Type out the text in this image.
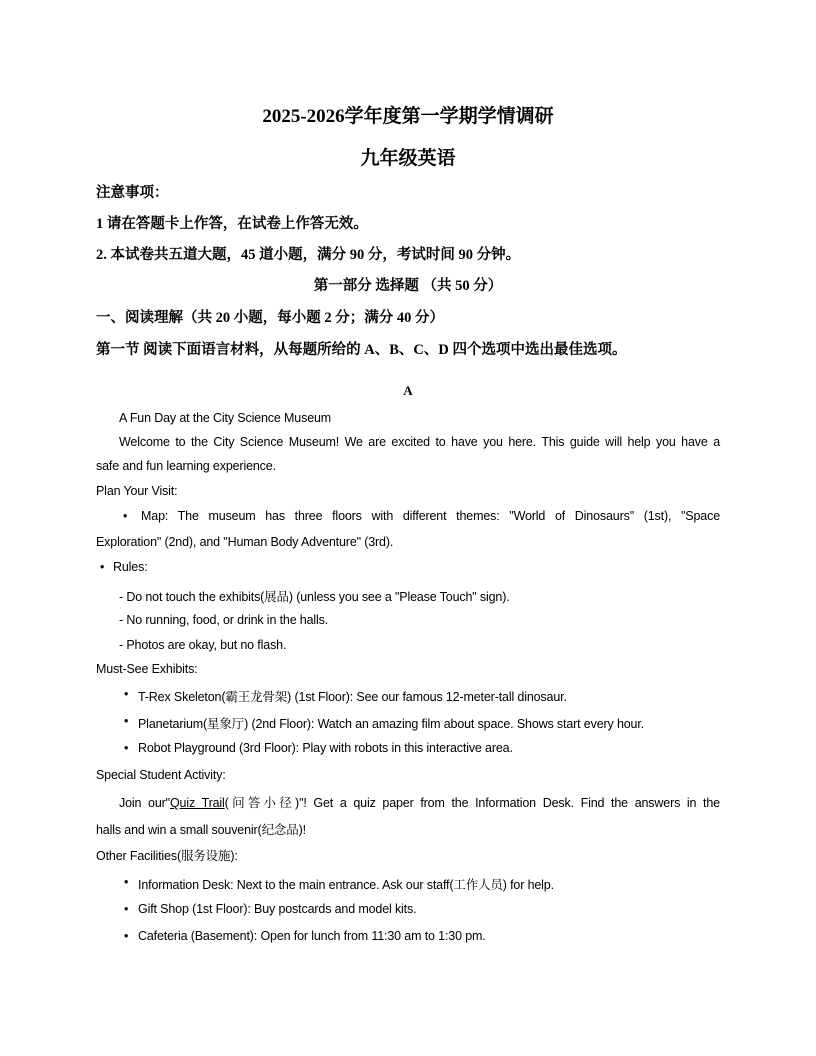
2025-2026学年度第一学期学情调研
九年级英语
注意事项：
1 请在答题卡上作答，在试卷上作答无效。
2. 本试卷共五道大题，45 道小题，满分 90 分，考试时间 90 分钟。
第一部分 选择题 （共 50 分）
一、阅读理解（共 20 小题，每小题 2 分；满分 40 分）
第一节 阅读下面语言材料，从每题所给的 A、B、C、D 四个选项中选出最佳选项。
A
A Fun Day at the City Science Museum
Welcome to the City Science Museum! We are excited to have you here. This guide will help you have a
safe and fun learning experience.
Plan Your Visit:
• Map: The museum has three floors with different themes: "World of Dinosaurs" (1st), "Space
Exploration" (2nd), and "Human Body Adventure" (3rd).
• Rules:
- Do not touch the exhibits(展品) (unless you see a "Please Touch" sign).
- No running, food, or drink in the halls.
- Photos are okay, but no flash.
Must-See Exhibits:
• T-Rex Skeleton(霸王龙骨架) (1st Floor): See our famous 12-meter-tall dinosaur.
• Planetarium(星象厅) (2nd Floor): Watch an amazing film about space. Shows start every hour.
• Robot Playground (3rd Floor): Play with robots in this interactive area.
Special Student Activity:
Join our"Quiz Trail(问答小径)"! Get a quiz paper from the Information Desk. Find the answers in the
halls and win a small souvenir(纪念品)!
Other Facilities(服务设施):
• Information Desk: Next to the main entrance. Ask our staff(工作人员) for help.
• Gift Shop (1st Floor): Buy postcards and model kits.
• Cafeteria (Basement): Open for lunch from 11:30 am to 1:30 pm.
